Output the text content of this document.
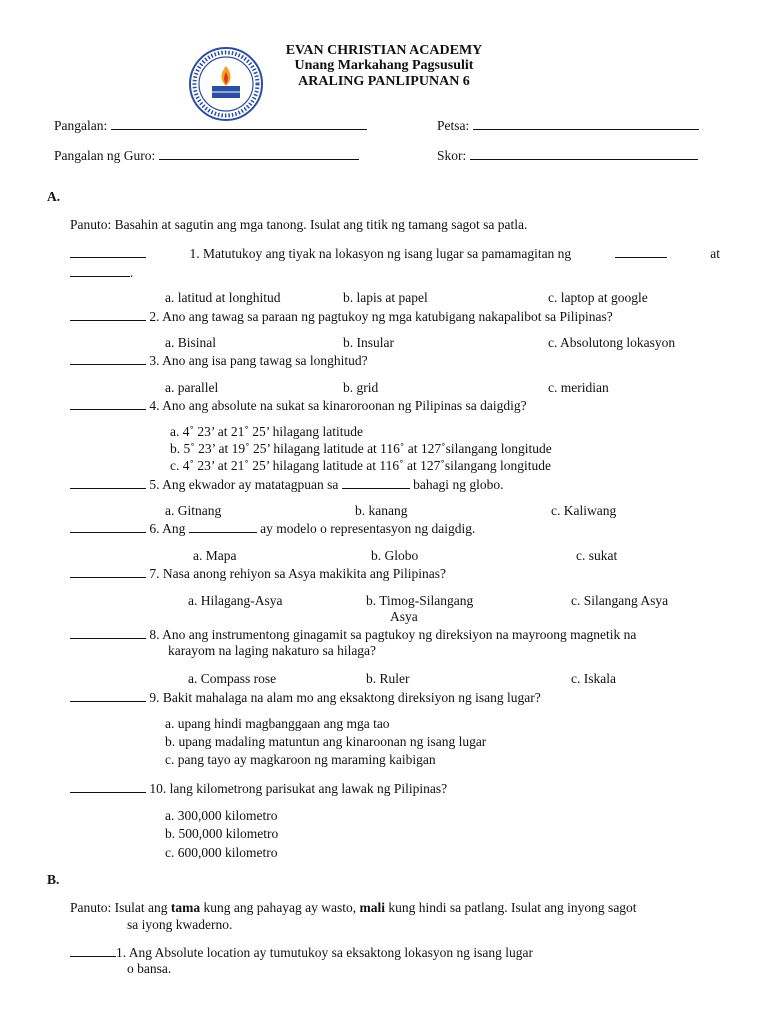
EVAN CHRISTIAN ACADEMY
Unang Markahang Pagsusulit
ARALING PANLIPUNAN 6
Pangalan:	Petsa:
Pangalan ng Guro:	Skor:
A.
Panuto: Basahin at sagutin ang mga tanong. Isulat ang titik ng tamang sagot sa patla.
1. Matutukoy ang tiyak na lokasyon ng isang lugar sa pamamagitan ng	at
.
a. latitud at longhitud	b. lapis at papel	c. laptop at google
2. Ano ang tawag sa paraan ng pagtukoy ng mga katubigang nakapalibot sa Pilipinas?
a. Bisinal	b. Insular	c. Absolutong lokasyon
3. Ano ang isa pang tawag sa longhitud?
a. parallel	b. grid	c. meridian
4. Ano ang absolute na sukat sa kinaroroonan ng Pilipinas sa daigdig?
a. 4˚ 23’ at 21˚ 25’ hilagang latitude
b. 5˚ 23’ at 19˚ 25’ hilagang latitude at 116˚ at 127˚silangang longitude
c. 4˚ 23’ at 21˚ 25’ hilagang latitude at 116˚ at 127˚silangang longitude
5. Ang ekwador ay matatagpuan sa	bahagi ng globo.
a. Gitnang	b. kanang	c. Kaliwang
6. Ang	ay modelo o representasyon ng daigdig.
a. Mapa	b. Globo	c. sukat
7. Nasa anong rehiyon sa Asya makikita ang Pilipinas?
a. Hilagang-Asya	b. Timog-Silangang
Asya
c. Silangang Asya
8. Ano ang instrumentong ginagamit sa pagtukoy ng direksiyon na mayroong magnetik na
karayom na laging nakaturo sa hilaga?
a. Compass rose	b. Ruler	c. Iskala
9. Bakit mahalaga na alam mo ang eksaktong direksiyon ng isang lugar?
a. upang hindi magbanggaan ang mga tao
b. upang madaling matuntun ang kinaroonan ng isang lugar
c. pang tayo ay magkaroon ng maraming kaibigan
10. lang kilometrong parisukat ang lawak ng Pilipinas?
a. 300,000 kilometro
b. 500,000 kilometro
c. 600,000 kilometro
B.
Panuto: Isulat ang tama kung ang pahayag ay wasto, mali kung hindi sa patlang. Isulat ang inyong sagot
sa iyong kwaderno.
1. Ang Absolute location ay tumutukoy sa eksaktong lokasyon ng isang lugar
o bansa.
